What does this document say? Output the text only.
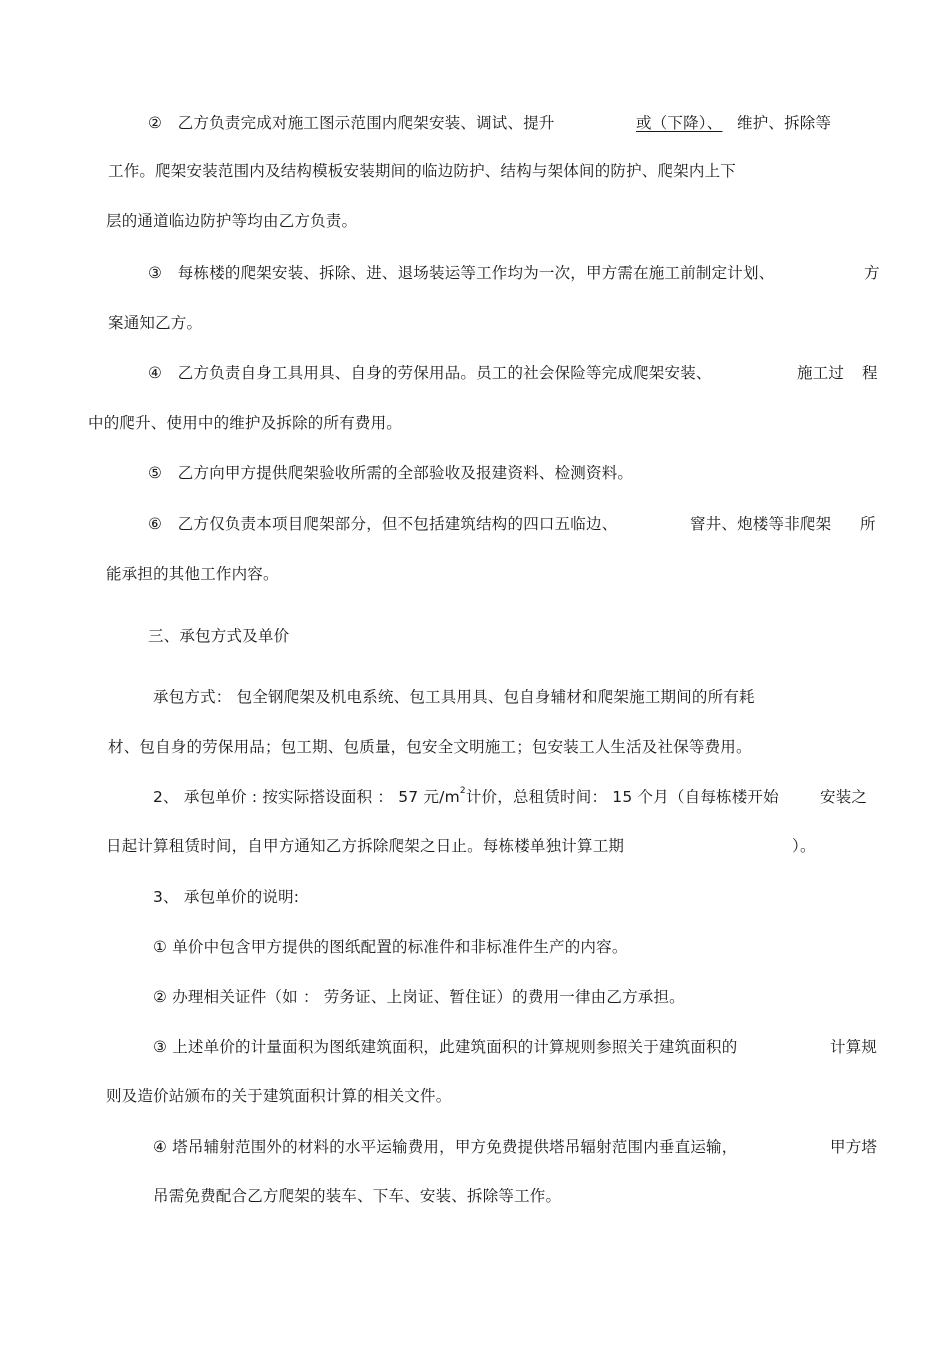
②　乙方负责完成对施工图示范围内爬架安装、调试、提升	或（下降）、 维护、拆除等
工作。爬架安装范围内及结构模板安装期间的临边防护、结构与架体间的防护、爬架内上下
层的通道临边防护等均由乙方负责。
③　每栋楼的爬架安装、拆除、进、退场装运等工作均为一次，甲方需在施工前制定计划、	方
案通知乙方。
④　乙方负责自身工具用具、自身的劳保用品。员工的社会保险等完成爬架安装、	施工过 程
中的爬升、使用中的维护及拆除的所有费用。
⑤　乙方向甲方提供爬架验收所需的全部验收及报建资料、检测资料。
⑥　乙方仅负责本项目爬架部分，但不包括建筑结构的四口五临边、	窨井、炮楼等非爬架 所
能承担的其他工作内容。
三、承包方式及单价
承包方式： 包全钢爬架及机电系统、包工具用具、包自身辅材和爬架施工期间的所有耗
材、包自身的劳保用品；包工期、包质量，包安全文明施工；包安装工人生活及社保等费用。
2、 承包单价 : 按实际搭设面积 ： 57 元$/m^2$计价，总租赁时间： 15 个月（自每栋楼开始	安装之
日起计算租赁时间，自甲方通知乙方拆除爬架之日止。每栋楼单独计算工期	）。
3、 承包单价的说明:
① 单价中包含甲方提供的图纸配置的标准件和非标准件生产的内容。
② 办理相关证件（如 ： 劳务证、上岗证、暂住证）的费用一律由乙方承担。
③ 上述单价的计量面积为图纸建筑面积，此建筑面积的计算规则参照关于建筑面积的	计算规
则及造价站颁布的关于建筑面积计算的相关文件。
④ 塔吊辅射范围外的材料的水平运输费用，甲方免费提供塔吊辐射范围内垂直运输，	甲方塔
吊需免费配合乙方爬架的装车、下车、安装、拆除等工作。
